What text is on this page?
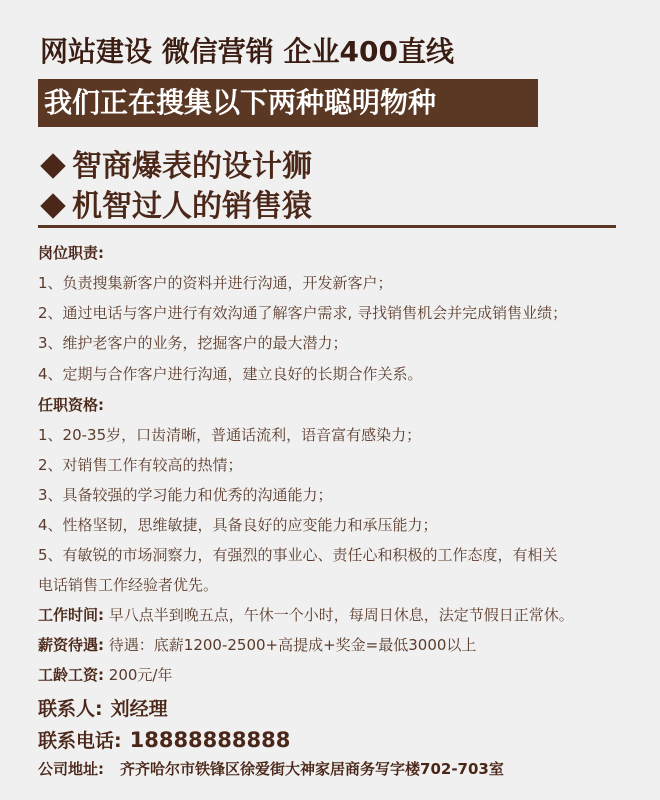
网站建设 微信营销 企业400直线
我们正在搜集以下两种聪明物种
智商爆表的设计狮
机智过人的销售猿
岗位职责:
1、负责搜集新客户的资料并进行沟通，开发新客户；
2、通过电话与客户进行有效沟通了解客户需求, 寻找销售机会并完成销售业绩；
3、维护老客户的业务，挖掘客户的最大潜力；
4、定期与合作客户进行沟通，建立良好的长期合作关系。
任职资格:
1、20-35岁，口齿清晰，普通话流利，语音富有感染力；
2、对销售工作有较高的热情；
3、具备较强的学习能力和优秀的沟通能力；
4、性格坚韧，思维敏捷，具备良好的应变能力和承压能力；
5、有敏锐的市场洞察力，有强烈的事业心、责任心和积极的工作态度，有相关
电话销售工作经验者优先。
工作时间: 早八点半到晚五点，午休一个小时，每周日休息，法定节假日正常休。
薪资待遇: 待遇：底薪1200-2500+高提成+奖金=最低3000以上
工龄工资: 200元/年
联系人: 刘经理
联系电话: 18888888888
公司地址: 齐齐哈尔市铁锋区徐爱街大神家居商务写字楼702-703室
